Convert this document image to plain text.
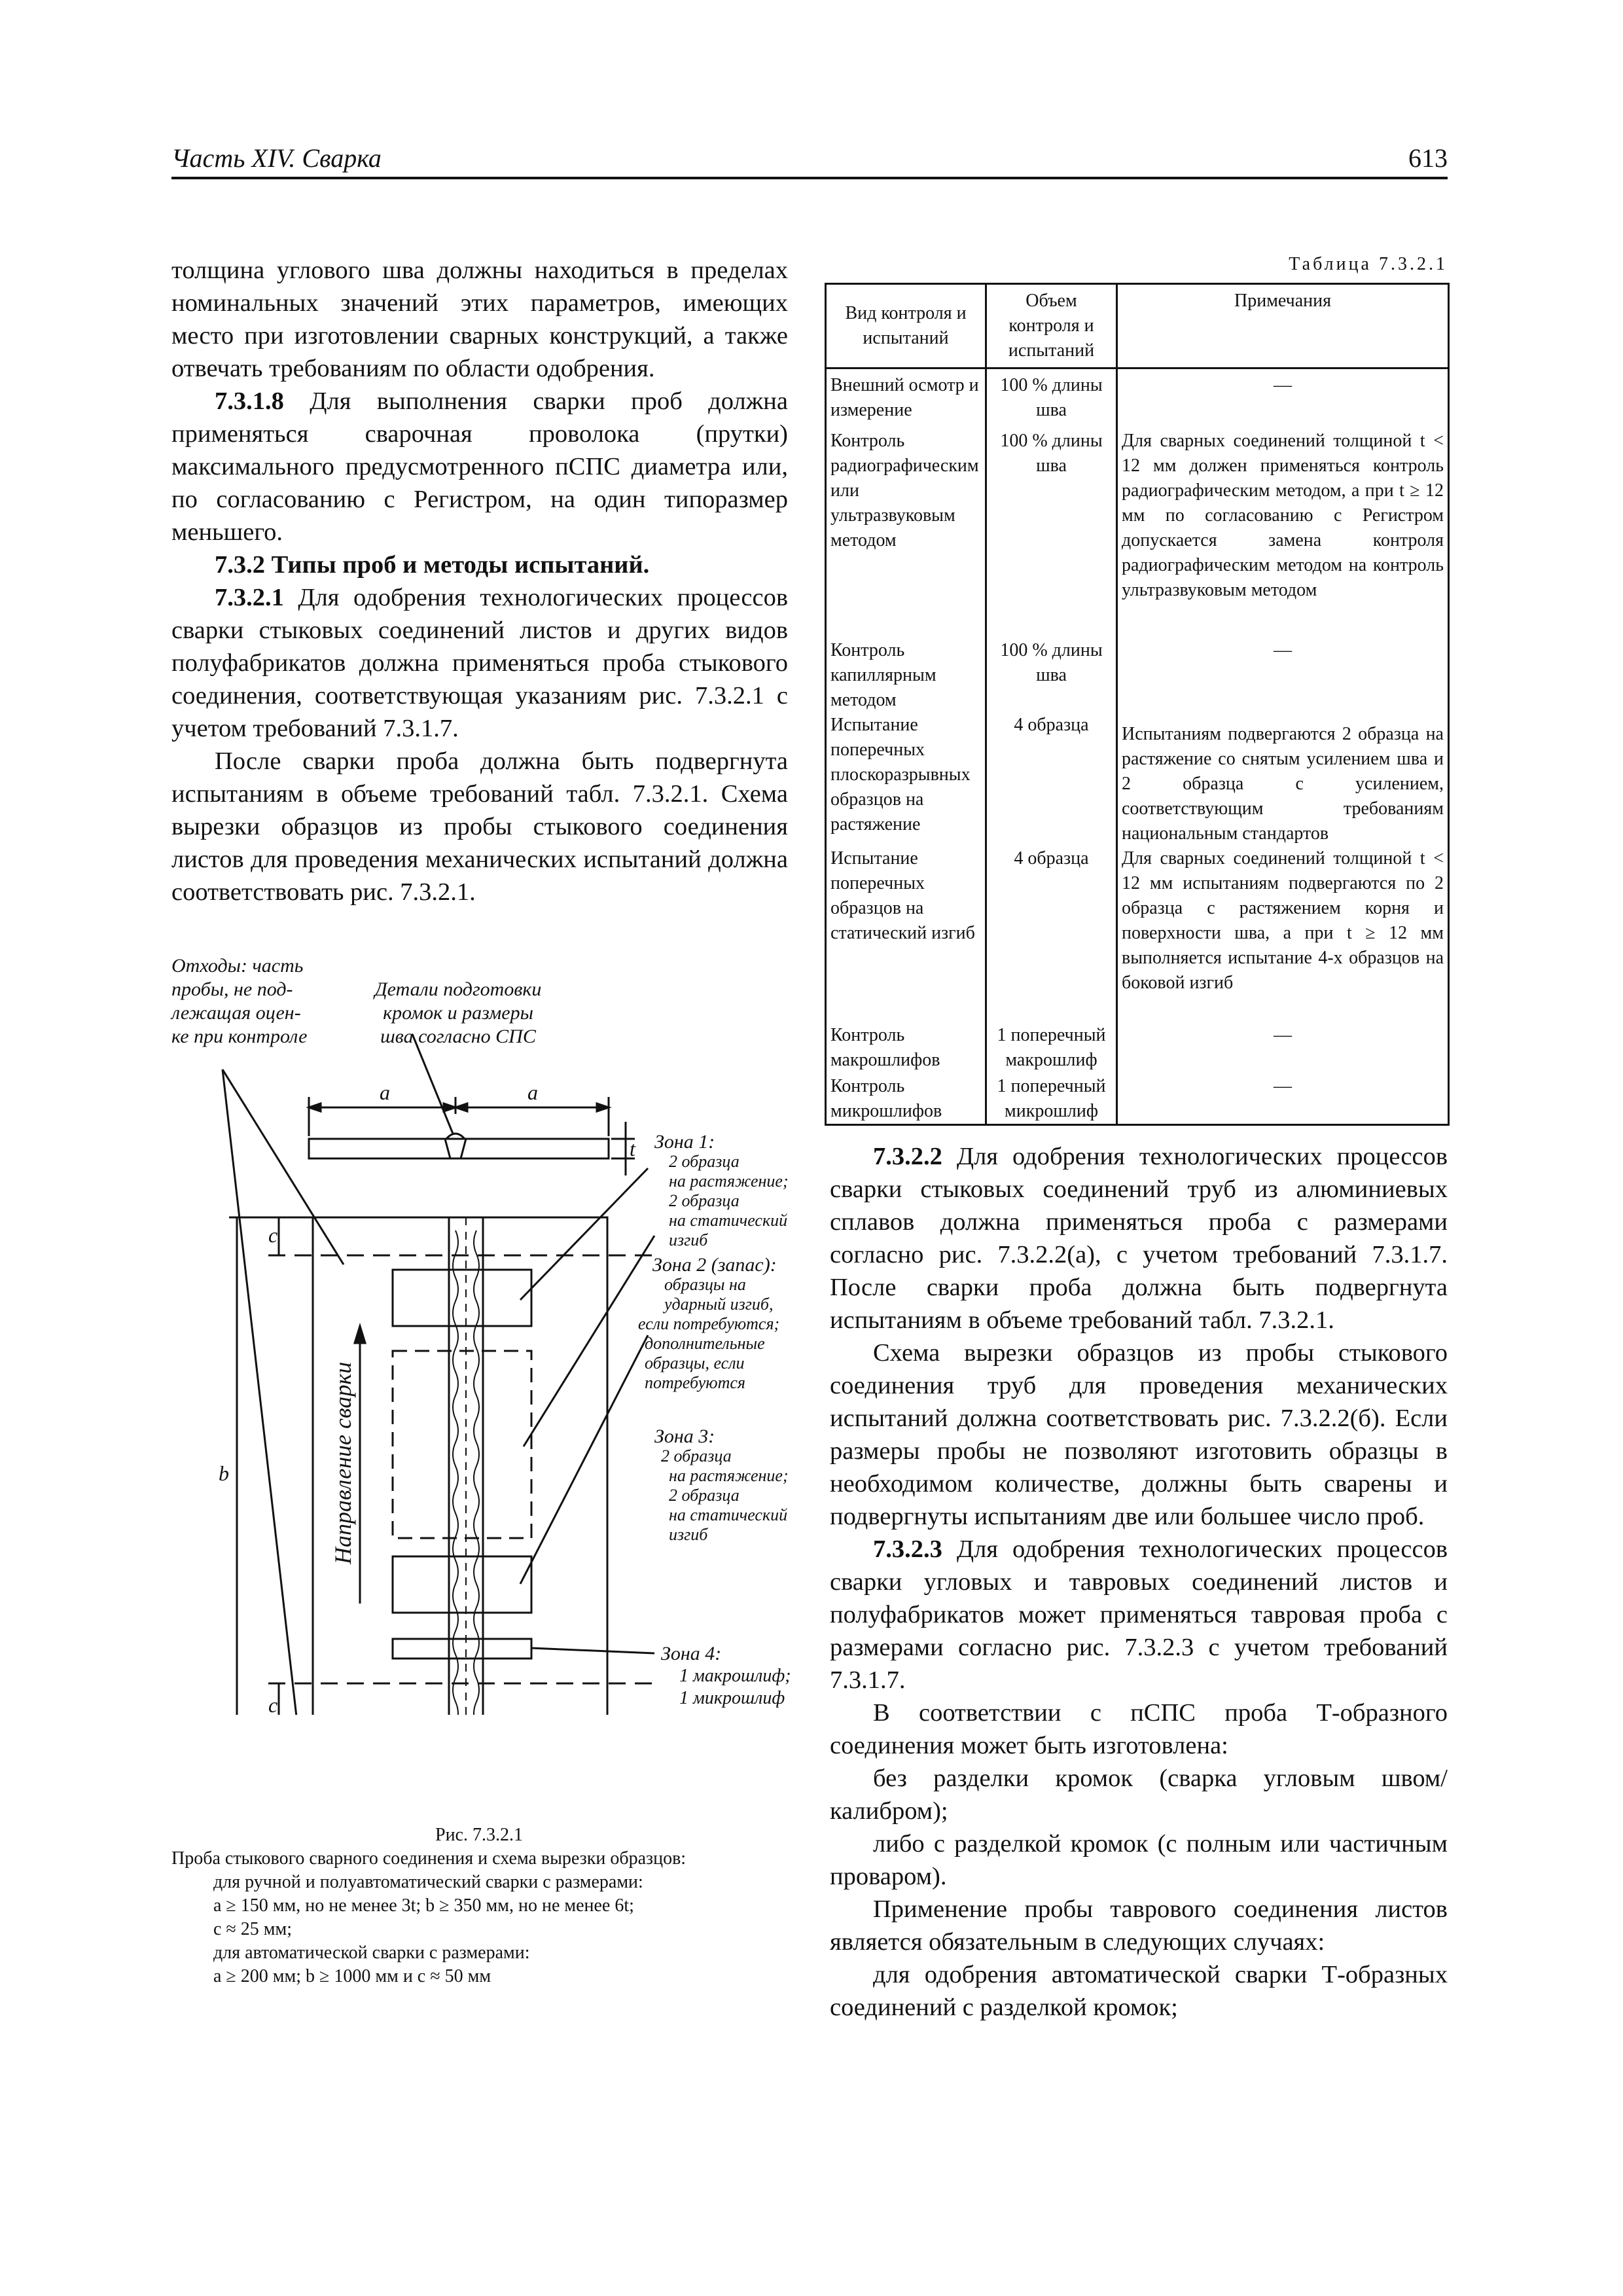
Часть XIV. Сварка	613

толщина углового шва должны находиться в пределах номинальных значений этих параметров, имеющих место при изготовлении сварных конструкций, а также отвечать требованиям по области одобрения.

7.3.1.8 Для выполнения сварки проб должна применяться сварочная проволока (прутки) максимального предусмотренного пСПС диаметра или, по согласованию с Регистром, на один типоразмер меньшего.

7.3.2 Типы проб и методы испытаний.

7.3.2.1 Для одобрения технологических процессов сварки стыковых соединений листов и других видов полуфабрикатов должна применяться проба стыкового соединения, соответствующая указаниям рис. 7.3.2.1 с учетом требований 7.3.1.7.

После сварки проба должна быть подвергнута испытаниям в объеме требований табл. 7.3.2.1. Схема вырезки образцов из пробы стыкового соединения листов для проведения механических испытаний должна соответствовать рис. 7.3.2.1.

Таблица 7.3.2.1
Вид контроля и испытаний	Объем контроля и испытаний	Примечания
Внешний осмотр и измерение	100 % длины шва	—

Контроль радиографическим или ультразвуковым методом	100 % длины шва	Для сварных соединений толщиной t < 12 мм должен применяться контроль радиографическим методом, а при t ≥ 12 мм по согласованию с Регистром допускается замена контроля радиографическим методом на контроль ультразвуковым методом
Контроль капиллярным методом	100 % длины шва	—

Испытание поперечных плоскоразрывных образцов на растяжение	4 образца	Испытаниям подвергаются 2 образца на растяжение со снятым усилением шва и 2 образца с усилением, соответствующим требованиям национальным стандартов
Испытание поперечных образцов на статический изгиб	4 образца	Для сварных соединений толщиной t < 12 мм испытаниям подвергаются по 2 образца с растяжением корня и поверхности шва, а при t ≥ 12 мм выполняется испытание 4-х образцов на боковой изгиб
Контроль макрошлифов	1 поперечный макрошлиф	—

Контроль микрошлифов	1 поперечный микрошлиф	—

7.3.2.2 Для одобрения технологических процессов сварки стыковых соединений труб из алюминиевых сплавов должна применяться проба с размерами согласно рис. 7.3.2.2(а), с учетом требований 7.3.1.7. После сварки проба должна быть подвергнута испытаниям в объеме требований табл. 7.3.2.1.

Схема вырезки образцов из пробы стыкового соединения труб для проведения механических испытаний должна соответствовать рис. 7.3.2.2(б). Если размеры пробы не позволяют изготовить образцы в необходимом количестве, должны быть сварены и подвергнуты испытаниям две или большее число проб.

7.3.2.3 Для одобрения технологических процессов сварки угловых и тавровых соединений листов и полуфабрикатов может применяться тавровая проба с размерами согласно рис. 7.3.2.3 с учетом требований 7.3.1.7.

В соответствии с пСПС проба Т-образного соединения может быть изготовлена:

без разделки кромок (сварка угловым швом/калибром);

либо с разделкой кромок (с полным или частичным проваром).

Применение пробы таврового соединения листов является обязательным в следующих случаях:

для одобрения автоматической сварки Т-образных соединений с разделкой кромок;

Отходы: часть
пробы, не под-
лежащая оцен-
ке при контроле
Детали подготовки
кромок и размеры
шва согласно СПС
Зона 1:
2 образца
на растяжение;
2 образца
на статический
изгиб
Зона 2 (запас):
образцы на
ударный изгиб,
если потребуются;
дополнительные
образцы, если
потребуются
Зона 3:
2 образца
на растяжение;
2 образца
на статический
изгиб
Зона 4:
1 макрошлиф;
1 микрошлиф
a	a
t
c
b
c
Направление сварки
Рис. 7.3.2.1
Проба стыкового сварного соединения и схема вырезки образцов:
для ручной и полуавтоматический сварки с размерами:
a ≥ 150 мм, но не менее 3t; b ≥ 350 мм, но не менее 6t;
c ≈ 25 мм;
для автоматической сварки с размерами:
a ≥ 200 мм; b ≥ 1000 мм и c ≈ 50 мм
